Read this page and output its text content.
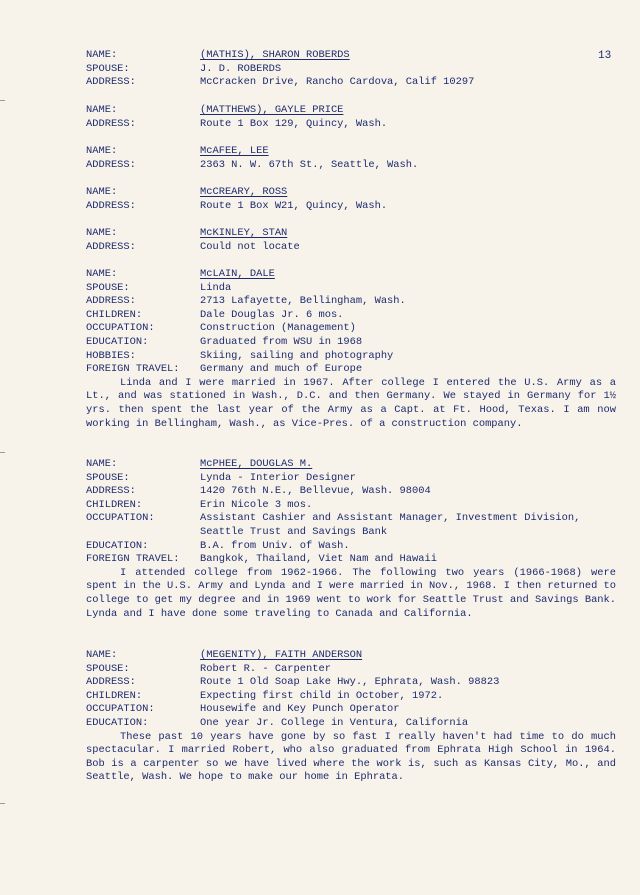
13
NAME:	(MATHIS), SHARON ROBERDS
SPOUSE:	J. D. ROBERDS
ADDRESS:	McCracken Drive, Rancho Cardova, Calif 10297
NAME:	(MATTHEWS), GAYLE PRICE
ADDRESS:	Route 1 Box 129, Quincy, Wash.
NAME:	McAFEE, LEE
ADDRESS:	2363 N. W. 67th St., Seattle, Wash.
NAME:	McCREARY, ROSS
ADDRESS:	Route 1 Box W21, Quincy, Wash.
NAME:	McKINLEY, STAN
ADDRESS:	Could not locate
NAME:	McLAIN, DALE
SPOUSE:	Linda
ADDRESS:	2713 Lafayette, Bellingham, Wash.
CHILDREN:	Dale Douglas Jr. 6 mos.
OCCUPATION:	Construction (Management)
EDUCATION:	Graduated from WSU in 1968
HOBBIES:	Skiing, sailing and photography
FOREIGN TRAVEL:	Germany and much of Europe

Linda and I were married in 1967. After college I entered the U.S. Army as a Lt., and was stationed in Wash., D.C. and then Germany. We stayed in Germany for 1½ yrs. then spent the last year of the Army as a Capt. at Ft. Hood, Texas. I am now working in Bellingham, Wash., as Vice-Pres. of a construction company.

NAME:	McPHEE, DOUGLAS M.
SPOUSE:	Lynda - Interior Designer
ADDRESS:	1420 76th N.E., Bellevue, Wash. 98004
CHILDREN:	Erin Nicole 3 mos.
OCCUPATION:	Assistant Cashier and Assistant Manager, Investment Division,
Seattle Trust and Savings Bank
EDUCATION:	B.A. from Univ. of Wash.
FOREIGN TRAVEL:	Bangkok, Thailand, Viet Nam and Hawaii

I attended college from 1962-1966. The following two years (1966-1968) were spent in the U.S. Army and Lynda and I were married in Nov., 1968. I then returned to college to get my degree and in 1969 went to work for Seattle Trust and Savings Bank. Lynda and I have done some traveling to Canada and California.

NAME:	(MEGENITY), FAITH ANDERSON
SPOUSE:	Robert R. - Carpenter
ADDRESS:	Route 1 Old Soap Lake Hwy., Ephrata, Wash. 98823
CHILDREN:	Expecting first child in October, 1972.
OCCUPATION:	Housewife and Key Punch Operator
EDUCATION:	One year Jr. College in Ventura, California

These past 10 years have gone by so fast I really haven't had time to do much spectacular. I married Robert, who also graduated from Ephrata High School in 1964. Bob is a carpenter so we have lived where the work is, such as Kansas City, Mo., and Seattle, Wash. We hope to make our home in Ephrata.
